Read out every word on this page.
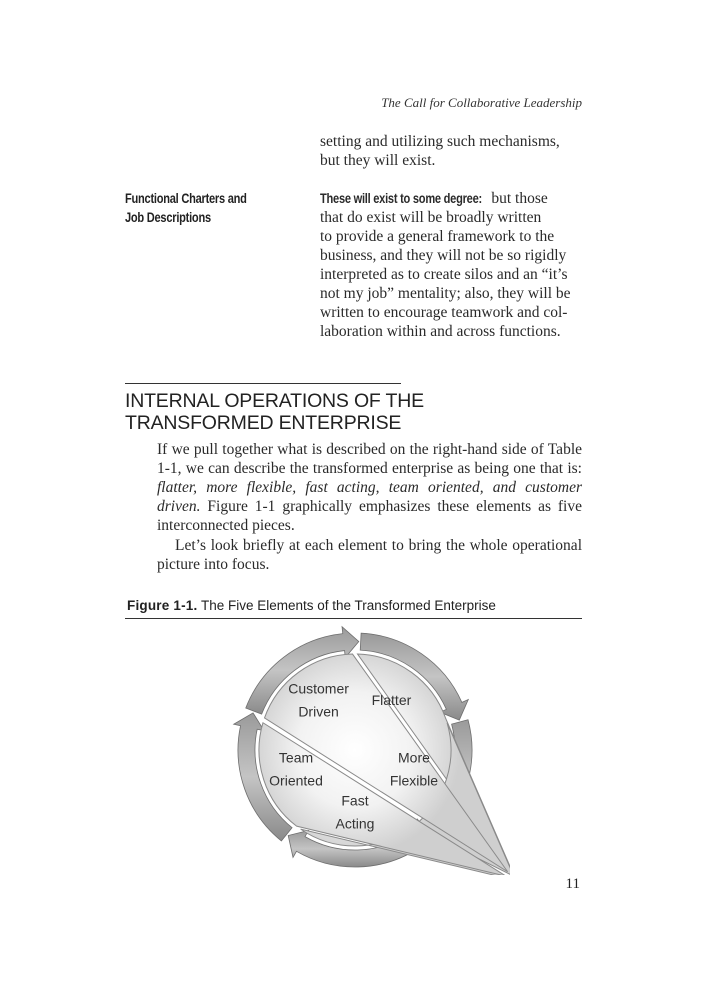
The Call for Collaborative Leadership
setting and utilizing such mechanisms,
but they will exist.
Functional Charters and
Job Descriptions
These will exist to some degree: but those
that do exist will be broadly written
to provide a general framework to the
business, and they will not be so rigidly
interpreted as to create silos and an “it’s
not my job” mentality; also, they will be
written to encourage teamwork and col-
laboration within and across functions.
INTERNAL OPERATIONS OF THE
TRANSFORMED ENTERPRISE
If we pull together what is described on the right-hand side of Table 1-1, we can describe the transformed enterprise as being one that is: flatter, more flexible, fast acting, team oriented, and customer driven. Figure 1-1 graphically emphasizes these elements as five interconnected pieces.
Let’s look briefly at each element to bring the whole operational picture into focus.
Figure 1-1. The Five Elements of the Transformed Enterprise
Flatter
More
Flexible
Fast
Acting
Team
Oriented
Customer
Driven
11
